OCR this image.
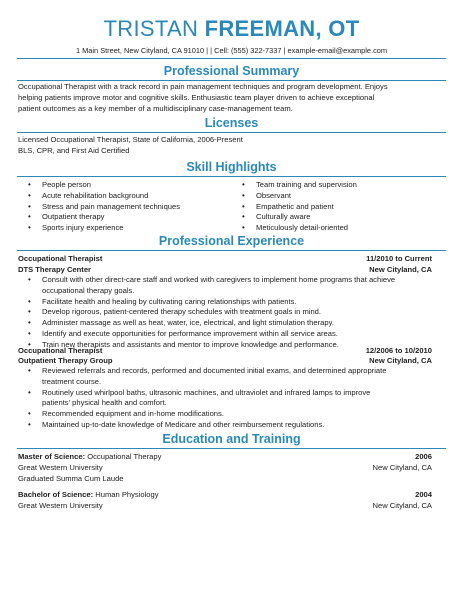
TRISTAN FREEMAN, OT
1 Main Street, New Cityland, CA 91010 | | Cell: (555) 322-7337 | example-email@example.com
Professional Summary
Occupational Therapist with a track record in pain management techniques and program development. Enjoys
helping patients improve motor and cognitive skills. Enthusiastic team player driven to achieve exceptional
patient outcomes as a key member of a multidisciplinary case-management team.
Licenses
Licensed Occupational Therapist, State of California, 2006-Present
BLS, CPR, and First Aid Certified
Skill Highlights
• People person
• Acute rehabilitation background
• Stress and pain management techniques
• Outpatient therapy
• Sports injury experience
• Team training and supervision
• Observant
• Empathetic and patient
• Culturally aware
• Meticulously detail-oriented
Professional Experience
Occupational Therapist	11/2010 to Current
DTS Therapy Center	New Cityland, CA
• Consult with other direct-care staff and worked with caregivers to implement home programs that achieve
occupational therapy goals.
• Facilitate health and healing by cultivating caring relationships with patients.
• Develop rigorous, patient-centered therapy schedules with treatment goals in mind.
• Administer massage as well as heat, water, ice, electrical, and light stimulation therapy.
• Identify and execute opportunities for performance improvement within all service areas.
• Train new therapists and assistants and mentor to improve knowledge and performance.
Occupational Therapist	12/2006 to 10/2010
Outpatient Therapy Group	New Cityland, CA
• Reviewed referrals and records, performed and documented initial exams, and determined appropriate
treatment course.
• Routinely used whirlpool baths, ultrasonic machines, and ultraviolet and infrared lamps to improve
patients' physical health and comfort.
• Recommended equipment and in-home modifications.
• Maintained up-to-date knowledge of Medicare and other reimbursement regulations.
Education and Training
Master of Science: Occupational Therapy	2006
Great Western University	New Cityland, CA
Graduated Summa Cum Laude
Bachelor of Science: Human Physiology	2004
Great Western University	New Cityland, CA
